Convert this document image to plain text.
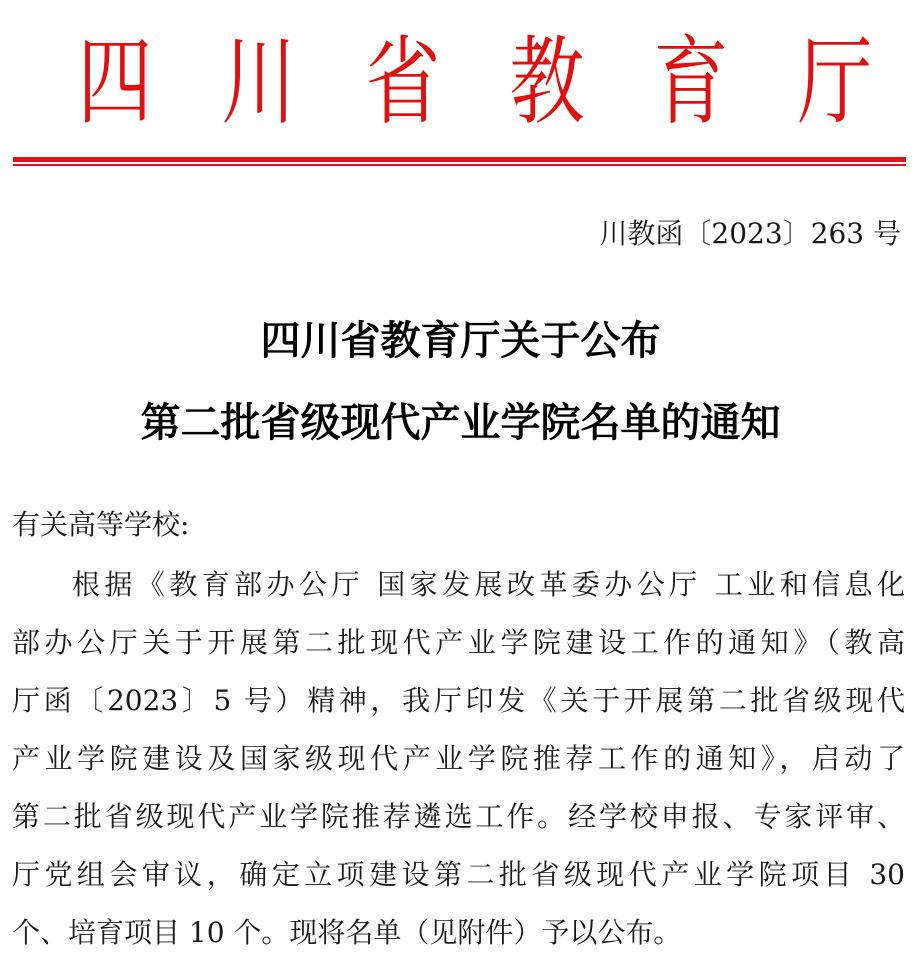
四 川 省 教 育 厅
川教函〔2023〕263 号
四川省教育厅关于公布
第二批省级现代产业学院名单的通知
有关高等学校:
根据《教育部办公厅 国家发展改革委办公厅 工业和信息化
部办公厅关于开展第二批现代产业学院建设工作的通知》（教高
厅函〔2023〕5 号）精神，我厅印发《关于开展第二批省级现代
产业学院建设及国家级现代产业学院推荐工作的通知》，启动了
第二批省级现代产业学院推荐遴选工作。经学校申报、专家评审、
厅党组会审议，确定立项建设第二批省级现代产业学院项目 30
个、培育项目 10 个。现将名单（见附件）予以公布。
